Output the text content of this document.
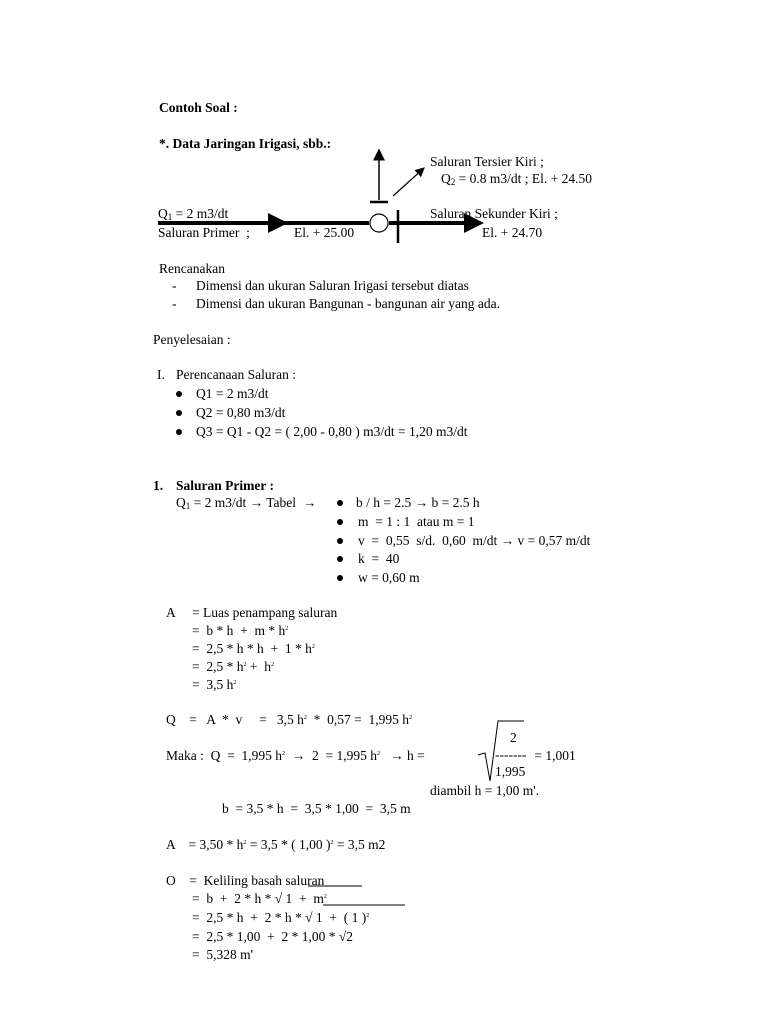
Contoh Soal :
*. Data Jaringan Irigasi, sbb.:
Saluran Tersier Kiri ;
$Q_2 = 0.8$ m3/dt ; El. + 24.50
$Q_1 = 2$ m3/dt
Saluran Primer  ;	El. + 25.00
Saluran Sekunder Kiri ;
El. + 24.70
Rencanakan
- Dimensi dan ukuran Saluran Irigasi tersebut diatas
- Dimensi dan ukuran Bangunan - bangunan air yang ada.
Penyelesaian :
I. Perencanaan Saluran :
Q1 = 2 m3/dt
Q2 = 0,80 m3/dt
Q3 = Q1 - Q2 = ( 2,00 - 0,80 ) m3/dt = 1,20 m3/dt
1. Saluran Primer :
$Q_1 = 2$ m3/dt → Tabel  →	b / h = 2.5 → b = 2.5 h
m  = 1 : 1  atau m = 1
v  =  0,55  s/d.  0,60  m/dt → v = 0,57 m/dt
k  =  40
w = 0,60 m
A = Luas penampang saluran
=  $b * h + m * h^2$
=  $2,5 * h * h + 1 * h^2$
=  $2,5 * h^2 + h^2$
=  3,5 $h^2$
Q    =   A  *  v     =   3,5 $h^2 * 0,57 = 1,995$ $h^2$
Maka :  Q  =  1,995 $h^2 \to 2 = 1,995$ $h^2 \to h$ =
2
-------
1,995
= 1,001
diambil h = 1,00 m'.
b  = 3,5 * h  =  3,5 * 1,00  =  3,5 m
A    = $3,50 * h^2 = 3,5$ * ( 1,00 )$^2$ = 3,5 m2
O    =  Keliling basah saluran
=  b  +  2 * h * √ $1 + m^2$
=  2,5 * h  +  2 * h * √ 1  +  ( 1 )$^2$
=  2,5 * 1,00  +  2 * 1,00 * √2
=  5,328 m'
